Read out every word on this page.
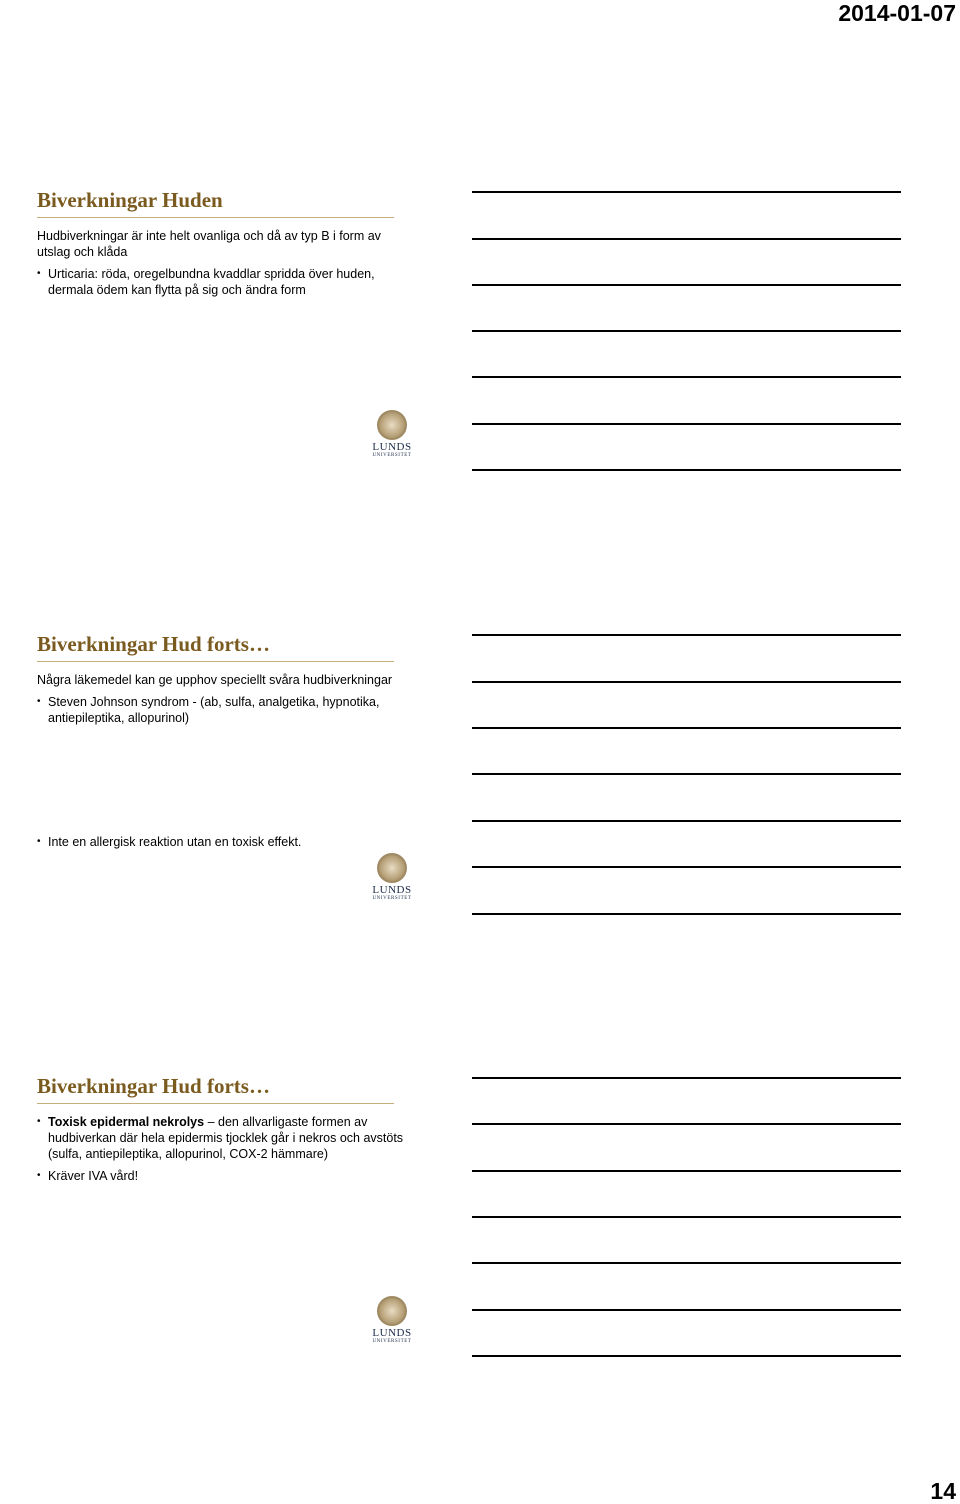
2014-01-07
Biverkningar Huden

Hudbiverkningar är inte helt ovanliga och då av typ B i form av utslag och klåda

• Urticaria: röda, oregelbundna kvaddlar spridda över huden, dermala ödem kan flytta på sig och ändra form
LUNDS
UNIVERSITET
Biverkningar Hud forts…

Några läkemedel kan ge upphov speciellt svåra hudbiverkningar

• Steven Johnson syndrom - (ab, sulfa, analgetika, hypnotika, antiepileptika, allopurinol)
• Inte en allergisk reaktion utan en toxisk effekt.
LUNDS
UNIVERSITET
Biverkningar Hud forts…
• Toxisk epidermal nekrolys – den allvarligaste formen av hudbiverkan där hela epidermis tjocklek går i nekros och avstöts (sulfa, antiepileptika, allopurinol, COX-2 hämmare)
• Kräver IVA vård!
LUNDS
UNIVERSITET
14
